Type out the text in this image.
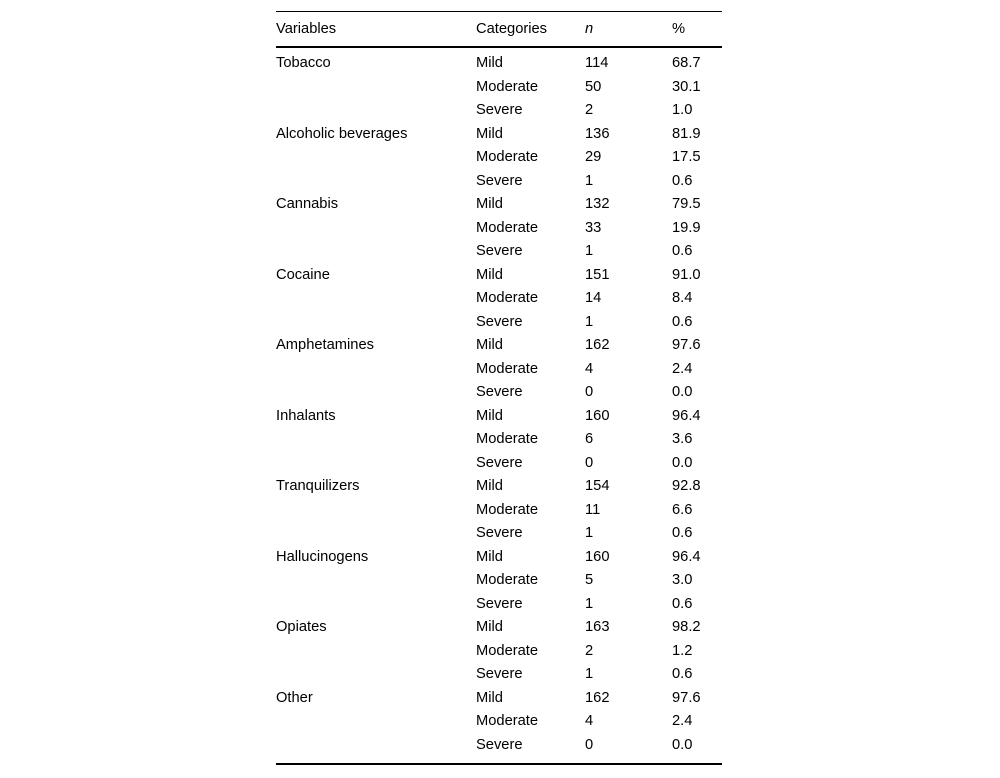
Variables	Categories	n	%

Tobacco	Mild	114	68.7
	Moderate	50	30.1
	Severe	2	1.0
Alcoholic beverages	Mild	136	81.9
	Moderate	29	17.5
	Severe	1	0.6
Cannabis	Mild	132	79.5
	Moderate	33	19.9
	Severe	1	0.6
Cocaine	Mild	151	91.0
	Moderate	14	8.4
	Severe	1	0.6
Amphetamines	Mild	162	97.6
	Moderate	4	2.4
	Severe	0	0.0
Inhalants	Mild	160	96.4
	Moderate	6	3.6
	Severe	0	0.0
Tranquilizers	Mild	154	92.8
	Moderate	11	6.6
	Severe	1	0.6
Hallucinogens	Mild	160	96.4
	Moderate	5	3.0
	Severe	1	0.6
Opiates	Mild	163	98.2
	Moderate	2	1.2
	Severe	1	0.6
Other	Mild	162	97.6
	Moderate	4	2.4
	Severe	0	0.0
